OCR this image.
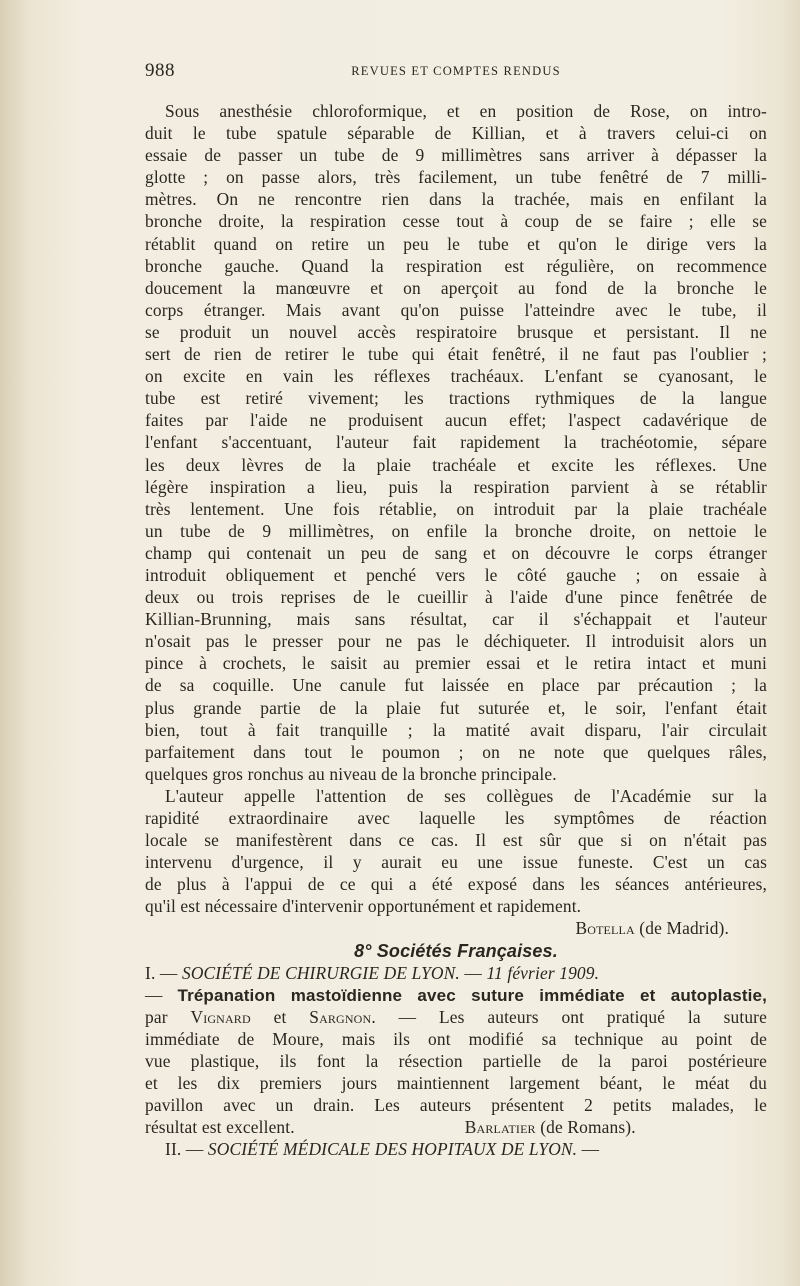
988	REVUES ET COMPTES RENDUS
Sous anesthésie chloroformique, et en position de Rose, on intro-
duit le tube spatule séparable de Killian, et à travers celui-ci on
essaie de passer un tube de 9 millimètres sans arriver à dépasser la
glotte ; on passe alors, très facilement, un tube fenêtré de 7 milli-
mètres. On ne rencontre rien dans la trachée, mais en enfilant la
bronche droite, la respiration cesse tout à coup de se faire ; elle se
rétablit quand on retire un peu le tube et qu'on le dirige vers la
bronche gauche. Quand la respiration est régulière, on recommence
doucement la manœuvre et on aperçoit au fond de la bronche le
corps étranger. Mais avant qu'on puisse l'atteindre avec le tube, il
se produit un nouvel accès respiratoire brusque et persistant. Il ne
sert de rien de retirer le tube qui était fenêtré, il ne faut pas l'oublier ;
on excite en vain les réflexes trachéaux. L'enfant se cyanosant, le
tube est retiré vivement; les tractions rythmiques de la langue
faites par l'aide ne produisent aucun effet; l'aspect cadavérique de
l'enfant s'accentuant, l'auteur fait rapidement la trachéotomie, sépare
les deux lèvres de la plaie trachéale et excite les réflexes. Une
légère inspiration a lieu, puis la respiration parvient à se rétablir
très lentement. Une fois rétablie, on introduit par la plaie trachéale
un tube de 9 millimètres, on enfile la bronche droite, on nettoie le
champ qui contenait un peu de sang et on découvre le corps étranger
introduit obliquement et penché vers le côté gauche ; on essaie à
deux ou trois reprises de le cueillir à l'aide d'une pince fenêtrée de
Killian-Brunning, mais sans résultat, car il s'échappait et l'auteur
n'osait pas le presser pour ne pas le déchiqueter. Il introduisit alors un
pince à crochets, le saisit au premier essai et le retira intact et muni
de sa coquille. Une canule fut laissée en place par précaution ; la
plus grande partie de la plaie fut suturée et, le soir, l'enfant était
bien, tout à fait tranquille ; la matité avait disparu, l'air circulait
parfaitement dans tout le poumon ; on ne note que quelques râles,
quelques gros ronchus au niveau de la bronche principale.
L'auteur appelle l'attention de ses collègues de l'Académie sur la
rapidité extraordinaire avec laquelle les symptômes de réaction
locale se manifestèrent dans ce cas. Il est sûr que si on n'était pas
intervenu d'urgence, il y aurait eu une issue funeste. C'est un cas
de plus à l'appui de ce qui a été exposé dans les séances antérieures,
qu'il est nécessaire d'intervenir opportunément et rapidement.
Botella (de Madrid).
8° Sociétés Françaises.
I. — SOCIÉTÉ DE CHIRURGIE DE LYON. — 11 février 1909.
— Trépanation mastoïdienne avec suture immédiate et autoplastie,
par Vignard et Sargnon. — Les auteurs ont pratiqué la suture
immédiate de Moure, mais ils ont modifié sa technique au point de
vue plastique, ils font la résection partielle de la paroi postérieure
et les dix premiers jours maintiennent largement béant, le méat du
pavillon avec un drain. Les auteurs présentent 2 petits malades, le
résultat est excellent.	Barlatier (de Romans).
II. — SOCIÉTÉ MÉDICALE DES HOPITAUX DE LYON. —
